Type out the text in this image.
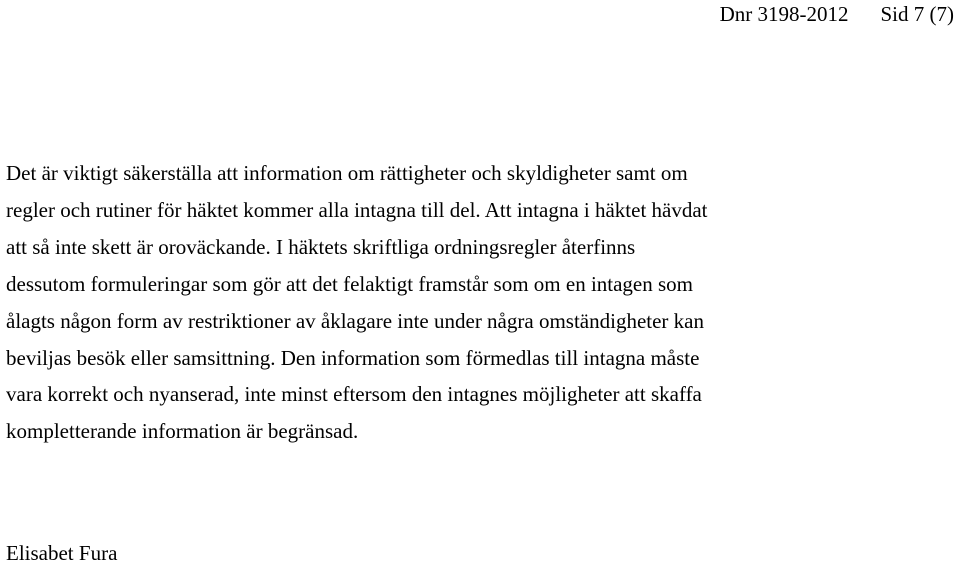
Dnr 3198-2012 Sid 7 (7)

Det är viktigt säkerställa att information om rättigheter och skyldigheter samt om
regler och rutiner för häktet kommer alla intagna till del. Att intagna i häktet hävdat
att så inte skett är oroväckande. I häktets skriftliga ordningsregler återfinns
dessutom formuleringar som gör att det felaktigt framstår som om en intagen som
ålagts någon form av restriktioner av åklagare inte under några omständigheter kan
beviljas besök eller samsittning. Den information som förmedlas till intagna måste
vara korrekt och nyanserad, inte minst eftersom den intagnes möjligheter att skaffa
kompletterande information är begränsad.

Elisabet Fura
